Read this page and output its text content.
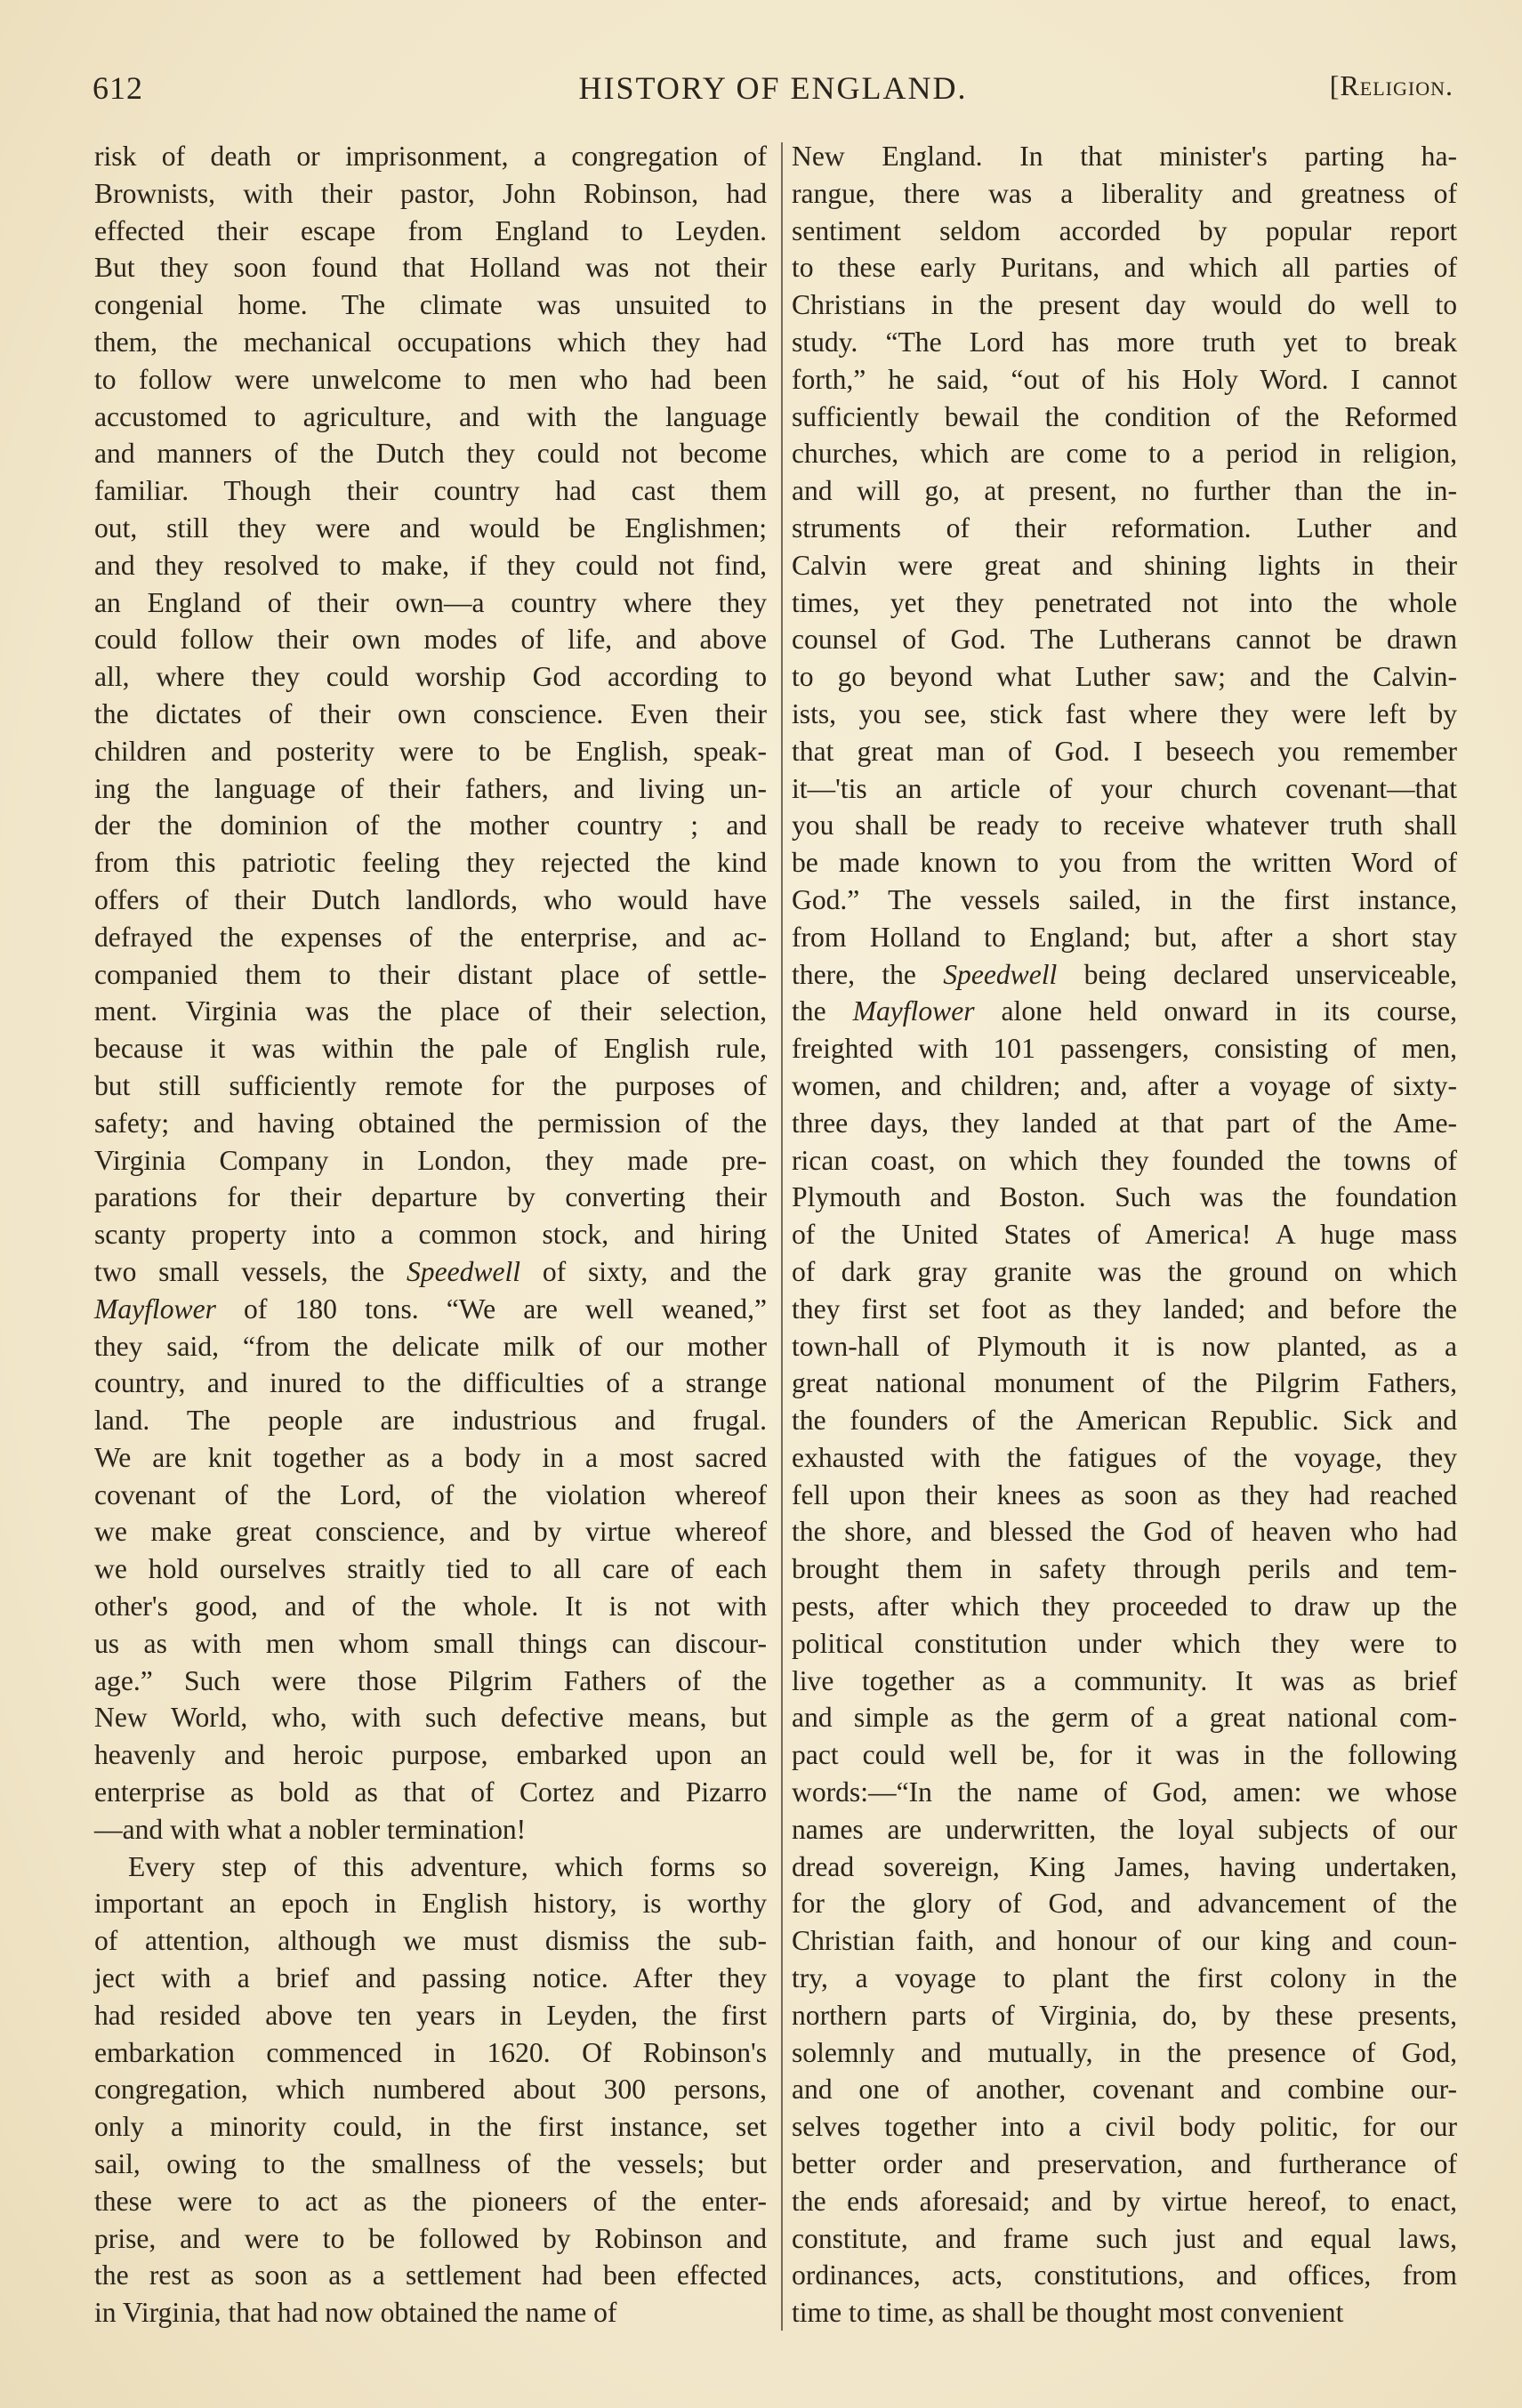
612	HISTORY OF ENGLAND.	[Religion.
risk of death or imprisonment, a congregation of
Brownists, with their pastor, John Robinson, had
effected their escape from England to Leyden.
But they soon found that Holland was not their
congenial home. The climate was unsuited to
them, the mechanical occupations which they had
to follow were unwelcome to men who had been
accustomed to agriculture, and with the language
and manners of the Dutch they could not become
familiar. Though their country had cast them
out, still they were and would be Englishmen;
and they resolved to make, if they could not find,
an England of their own—a country where they
could follow their own modes of life, and above
all, where they could worship God according to
the dictates of their own conscience. Even their
children and posterity were to be English, speak-
ing the language of their fathers, and living un-
der the dominion of the mother country ; and
from this patriotic feeling they rejected the kind
offers of their Dutch landlords, who would have
defrayed the expenses of the enterprise, and ac-
companied them to their distant place of settle-
ment. Virginia was the place of their selection,
because it was within the pale of English rule,
but still sufficiently remote for the purposes of
safety; and having obtained the permission of the
Virginia Company in London, they made pre-
parations for their departure by converting their
scanty property into a common stock, and hiring
two small vessels, the Speedwell of sixty, and the
Mayflower of 180 tons. “We are well weaned,”
they said, “from the delicate milk of our mother
country, and inured to the difficulties of a strange
land. The people are industrious and frugal.
We are knit together as a body in a most sacred
covenant of the Lord, of the violation whereof
we make great conscience, and by virtue whereof
we hold ourselves straitly tied to all care of each
other's good, and of the whole. It is not with
us as with men whom small things can discour-
age.” Such were those Pilgrim Fathers of the
New World, who, with such defective means, but
heavenly and heroic purpose, embarked upon an
enterprise as bold as that of Cortez and Pizarro
—and with what a nobler termination!
Every step of this adventure, which forms so
important an epoch in English history, is worthy
of attention, although we must dismiss the sub-
ject with a brief and passing notice. After they
had resided above ten years in Leyden, the first
embarkation commenced in 1620. Of Robinson's
congregation, which numbered about 300 persons,
only a minority could, in the first instance, set
sail, owing to the smallness of the vessels; but
these were to act as the pioneers of the enter-
prise, and were to be followed by Robinson and
the rest as soon as a settlement had been effected
in Virginia, that had now obtained the name of
New England. In that minister's parting ha-
rangue, there was a liberality and greatness of
sentiment seldom accorded by popular report
to these early Puritans, and which all parties of
Christians in the present day would do well to
study. “The Lord has more truth yet to break
forth,” he said, “out of his Holy Word. I cannot
sufficiently bewail the condition of the Reformed
churches, which are come to a period in religion,
and will go, at present, no further than the in-
struments of their reformation. Luther and
Calvin were great and shining lights in their
times, yet they penetrated not into the whole
counsel of God. The Lutherans cannot be drawn
to go beyond what Luther saw; and the Calvin-
ists, you see, stick fast where they were left by
that great man of God. I beseech you remember
it—'tis an article of your church covenant—that
you shall be ready to receive whatever truth shall
be made known to you from the written Word of
God.” The vessels sailed, in the first instance,
from Holland to England; but, after a short stay
there, the Speedwell being declared unserviceable,
the Mayflower alone held onward in its course,
freighted with 101 passengers, consisting of men,
women, and children; and, after a voyage of sixty-
three days, they landed at that part of the Ame-
rican coast, on which they founded the towns of
Plymouth and Boston. Such was the foundation
of the United States of America! A huge mass
of dark gray granite was the ground on which
they first set foot as they landed; and before the
town-hall of Plymouth it is now planted, as a
great national monument of the Pilgrim Fathers,
the founders of the American Republic. Sick and
exhausted with the fatigues of the voyage, they
fell upon their knees as soon as they had reached
the shore, and blessed the God of heaven who had
brought them in safety through perils and tem-
pests, after which they proceeded to draw up the
political constitution under which they were to
live together as a community. It was as brief
and simple as the germ of a great national com-
pact could well be, for it was in the following
words:—“In the name of God, amen: we whose
names are underwritten, the loyal subjects of our
dread sovereign, King James, having undertaken,
for the glory of God, and advancement of the
Christian faith, and honour of our king and coun-
try, a voyage to plant the first colony in the
northern parts of Virginia, do, by these presents,
solemnly and mutually, in the presence of God,
and one of another, covenant and combine our-
selves together into a civil body politic, for our
better order and preservation, and furtherance of
the ends aforesaid; and by virtue hereof, to enact,
constitute, and frame such just and equal laws,
ordinances, acts, constitutions, and offices, from
time to time, as shall be thought most convenient
